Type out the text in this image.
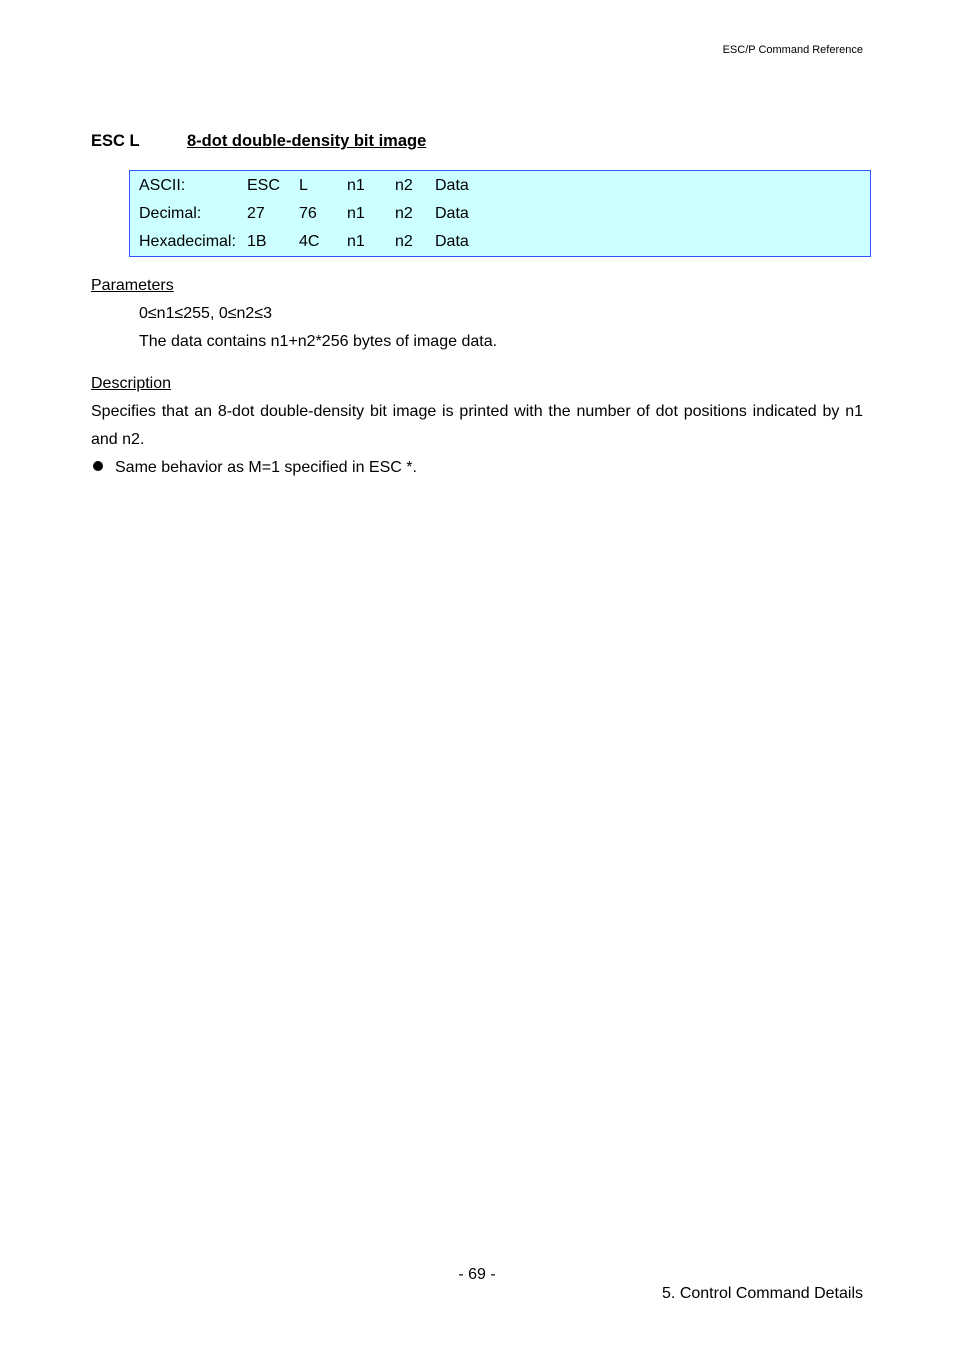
ESC/P Command Reference
ESC L	8-dot double-density bit image
ASCII:	ESC L n1 n2 Data
Decimal:	27 76 n1 n2 Data
Hexadecimal: 1B 4C n1 n2 Data
Parameters
0≤n1≤255, 0≤n2≤3
The data contains n1+n2*256 bytes of image data.
Description
Specifies that an 8-dot double-density bit image is printed with the number of dot positions indicated by n1 and n2.
Same behavior as M=1 specified in ESC *.
- 69 -
5. Control Command Details
